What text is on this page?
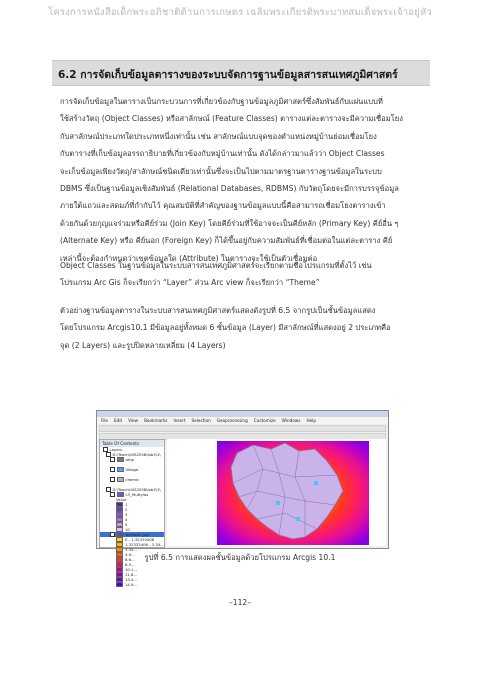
โครงการหนังสือเด็กพระอภิชาติด้านการเกษตร เฉลิมพระเกียรติพระบาทสมเด็จพระเจ้าอยู่หัว
6.2 การจัดเก็บข้อมูลตารางของระบบจัดการฐานข้อมูลสารสนเทศภูมิศาสตร์
การจัดเก็บข้อมูลในตารางเป็นกระบวนการที่เกี่ยวข้องกับฐานข้อมูลภูมิศาสตร์ซึ่งสัมพันธ์กับแผ่นแบบที่
ใช้สร้างวัตถุ (Object Classes) หรือสาลักษณ์ (Feature Classes) ตารางแต่ละตารางจะมีความเชื่อมโยง
กับสาลักษณ์ประเภทใดประเภทหนึ่งเท่านั้น เช่น สาลักษณ์แบบจุดของตำแหน่งหมู่บ้านย่อมเชื่อมโยง
กับตารางที่เก็บข้อมูลอรรถาธิบายที่เกี่ยวข้องกับหมู่บ้านเท่านั้น ดังได้กล่าวมาแล้วว่า Object Classes
จะเก็บข้อมูลเพียงวัตถุ/สาลักษณ์ชนิดเดียวเท่านั้นซึ่งจะเป็นไปตามมาตรฐานตารางฐานข้อมูลในระบบ
DBMS ซึ่งเป็นฐานข้อมูลเชิงสัมพันธ์ (Relational Databases, RDBMS) กับวัตถุโดยจะมีการบรรจุข้อมูล
ภายใต้แถวและสดมภ์ที่กำกับไว้ คุณสมบัติที่สำคัญของฐานข้อมูลแบบนี้คือสามารถเชื่อมโยงตารางเข้า
ด้วยกันด้วยกุญแจร่วมหรือคีย์ร่วม (Join Key) โดยคีย์ร่วมที่ใช้อาจจะเป็นคีย์หลัก (Primary Key) คีย์อื่น ๆ
(Alternate Key) หรือ คีย์นอก (Foreign Key) ก็ได้ขึ้นอยู่กับความสัมพันธ์ที่เชื่อมต่อในแต่ละตาราง คีย์
เหล่านี้จะต้องกำหนดว่าเขตข้อมูลใด (Attribute) ในตารางจะใช้เป็นตัวเชื่อมต่อ
Object Classes ในฐานข้อมูลในระบบสารสนเทศภูมิศาสตร์จะเรียกตามชื่อโปรแกรมที่ตั้งไว้ เช่น
โปรแกรม Arc Gis ก็จะเรียกว่า “Layer” ส่วน Arc view ก็จะเรียกว่า “Theme”
ตัวอย่างฐานข้อมูลตารางในระบบสารสนเทศภูมิศาสตร์แสดงดังรูปที่ 6.5 จากรูปเป็นชั้นข้อมูลแสดง
โดยโปรแกรม Arcgis10.1 มีข้อมูลอยู่ทั้งหมด 6 ชั้นข้อมูล (Layer) มีสาลักษณ์ที่แสดงอยู่ 2 ประเภทคือ
จุด (2 Layers) และรูปปิดหลายเหลี่ยม (4 Layers)
File Edit View Bookmarks Insert Selection Geoprocessing Customize Windows Help
Table Of Contents
Layers
D:\Teach\GIS2558\lab3\1\
amp
Village
chemic
D:\Teach\GIS2558\lab3\1\
L3_Muttylas
Value
1
2
3
4
5
10
thiessen_ply
0 - 1.32333406
1.32333406 - 3.34...
3.34...
4.9...
6.6...
8.5...
10.1...
11.8...
13.4...
14.9...
รูปที่ 6.5 การแสดงผลชั้นข้อมูลด้วยโปรแกรม Arcgis 10.1
–112–
